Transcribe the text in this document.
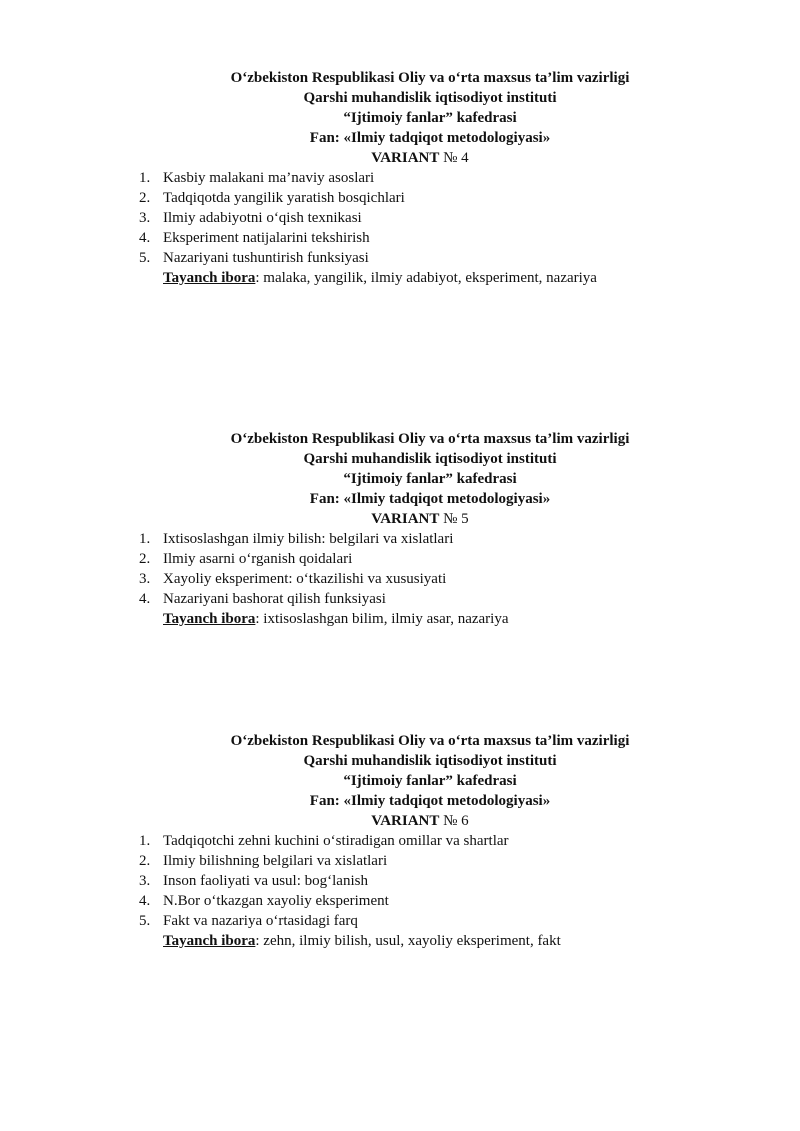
O‘zbekiston Respublikasi Oliy va o‘rta maxsus ta’lim vazirligi
Qarshi muhandislik iqtisodiyot instituti
“Ijtimoiy fanlar” kafedrasi
Fan: «Ilmiy tadqiqot metodologiyasi»
VARIANT № 4
1. Kasbiy malakani ma’naviy asoslari
2. Tadqiqotda yangilik yaratish bosqichlari
3. Ilmiy adabiyotni o‘qish texnikasi
4. Eksperiment natijalarini tekshirish
5. Nazariyani tushuntirish funksiyasi
Tayanch ibora: malaka, yangilik, ilmiy adabiyot, eksperiment, nazariya
O‘zbekiston Respublikasi Oliy va o‘rta maxsus ta’lim vazirligi
Qarshi muhandislik iqtisodiyot instituti
“Ijtimoiy fanlar” kafedrasi
Fan: «Ilmiy tadqiqot metodologiyasi»
VARIANT № 5
1. Ixtisoslashgan ilmiy bilish: belgilari va xislatlari
2. Ilmiy asarni o‘rganish qoidalari
3. Xayoliy eksperiment: o‘tkazilishi va xususiyati
4. Nazariyani bashorat qilish funksiyasi
Tayanch ibora: ixtisoslashgan bilim, ilmiy asar, nazariya
O‘zbekiston Respublikasi Oliy va o‘rta maxsus ta’lim vazirligi
Qarshi muhandislik iqtisodiyot instituti
“Ijtimoiy fanlar” kafedrasi
Fan: «Ilmiy tadqiqot metodologiyasi»
VARIANT № 6
1. Tadqiqotchi zehni kuchini o‘stiradigan omillar va shartlar
2. Ilmiy bilishning belgilari va xislatlari
3. Inson faoliyati va usul: bog‘lanish
4. N.Bor o‘tkazgan xayoliy eksperiment
5. Fakt va nazariya o‘rtasidagi farq
Tayanch ibora: zehn, ilmiy bilish, usul, xayoliy eksperiment, fakt
